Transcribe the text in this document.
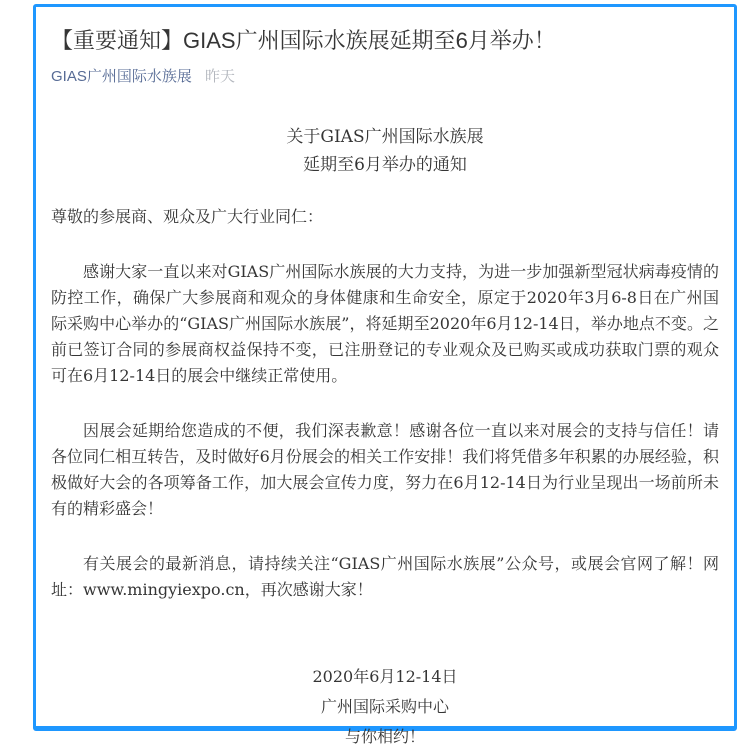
【重要通知】GIAS广州国际水族展延期至6月举办！
GIAS广州国际水族展 昨天
关于GIAS广州国际水族展
延期至6月举办的通知
尊敬的参展商、观众及广大行业同仁：

感谢大家一直以来对GIAS广州国际水族展的大力支持，为进一步加强新型冠状病毒疫情的防控工作，确保广大参展商和观众的身体健康和生命安全，原定于2020年3月6-8日在广州国际采购中心举办的“GIAS广州国际水族展”，将延期至2020年6月12-14日，举办地点不变。之前已签订合同的参展商权益保持不变，已注册登记的专业观众及已购买或成功获取门票的观众可在6月12-14日的展会中继续正常使用。

因展会延期给您造成的不便，我们深表歉意！感谢各位一直以来对展会的支持与信任！请各位同仁相互转告，及时做好6月份展会的相关工作安排！我们将凭借多年积累的办展经验，积极做好大会的各项筹备工作，加大展会宣传力度，努力在6月12-14日为行业呈现出一场前所未有的精彩盛会！

有关展会的最新消息，请持续关注“GIAS广州国际水族展”公众号，或展会官网了解！网址：www.mingyiexpo.cn，再次感谢大家！

2020年6月12-14日
广州国际采购中心
与你相约！
